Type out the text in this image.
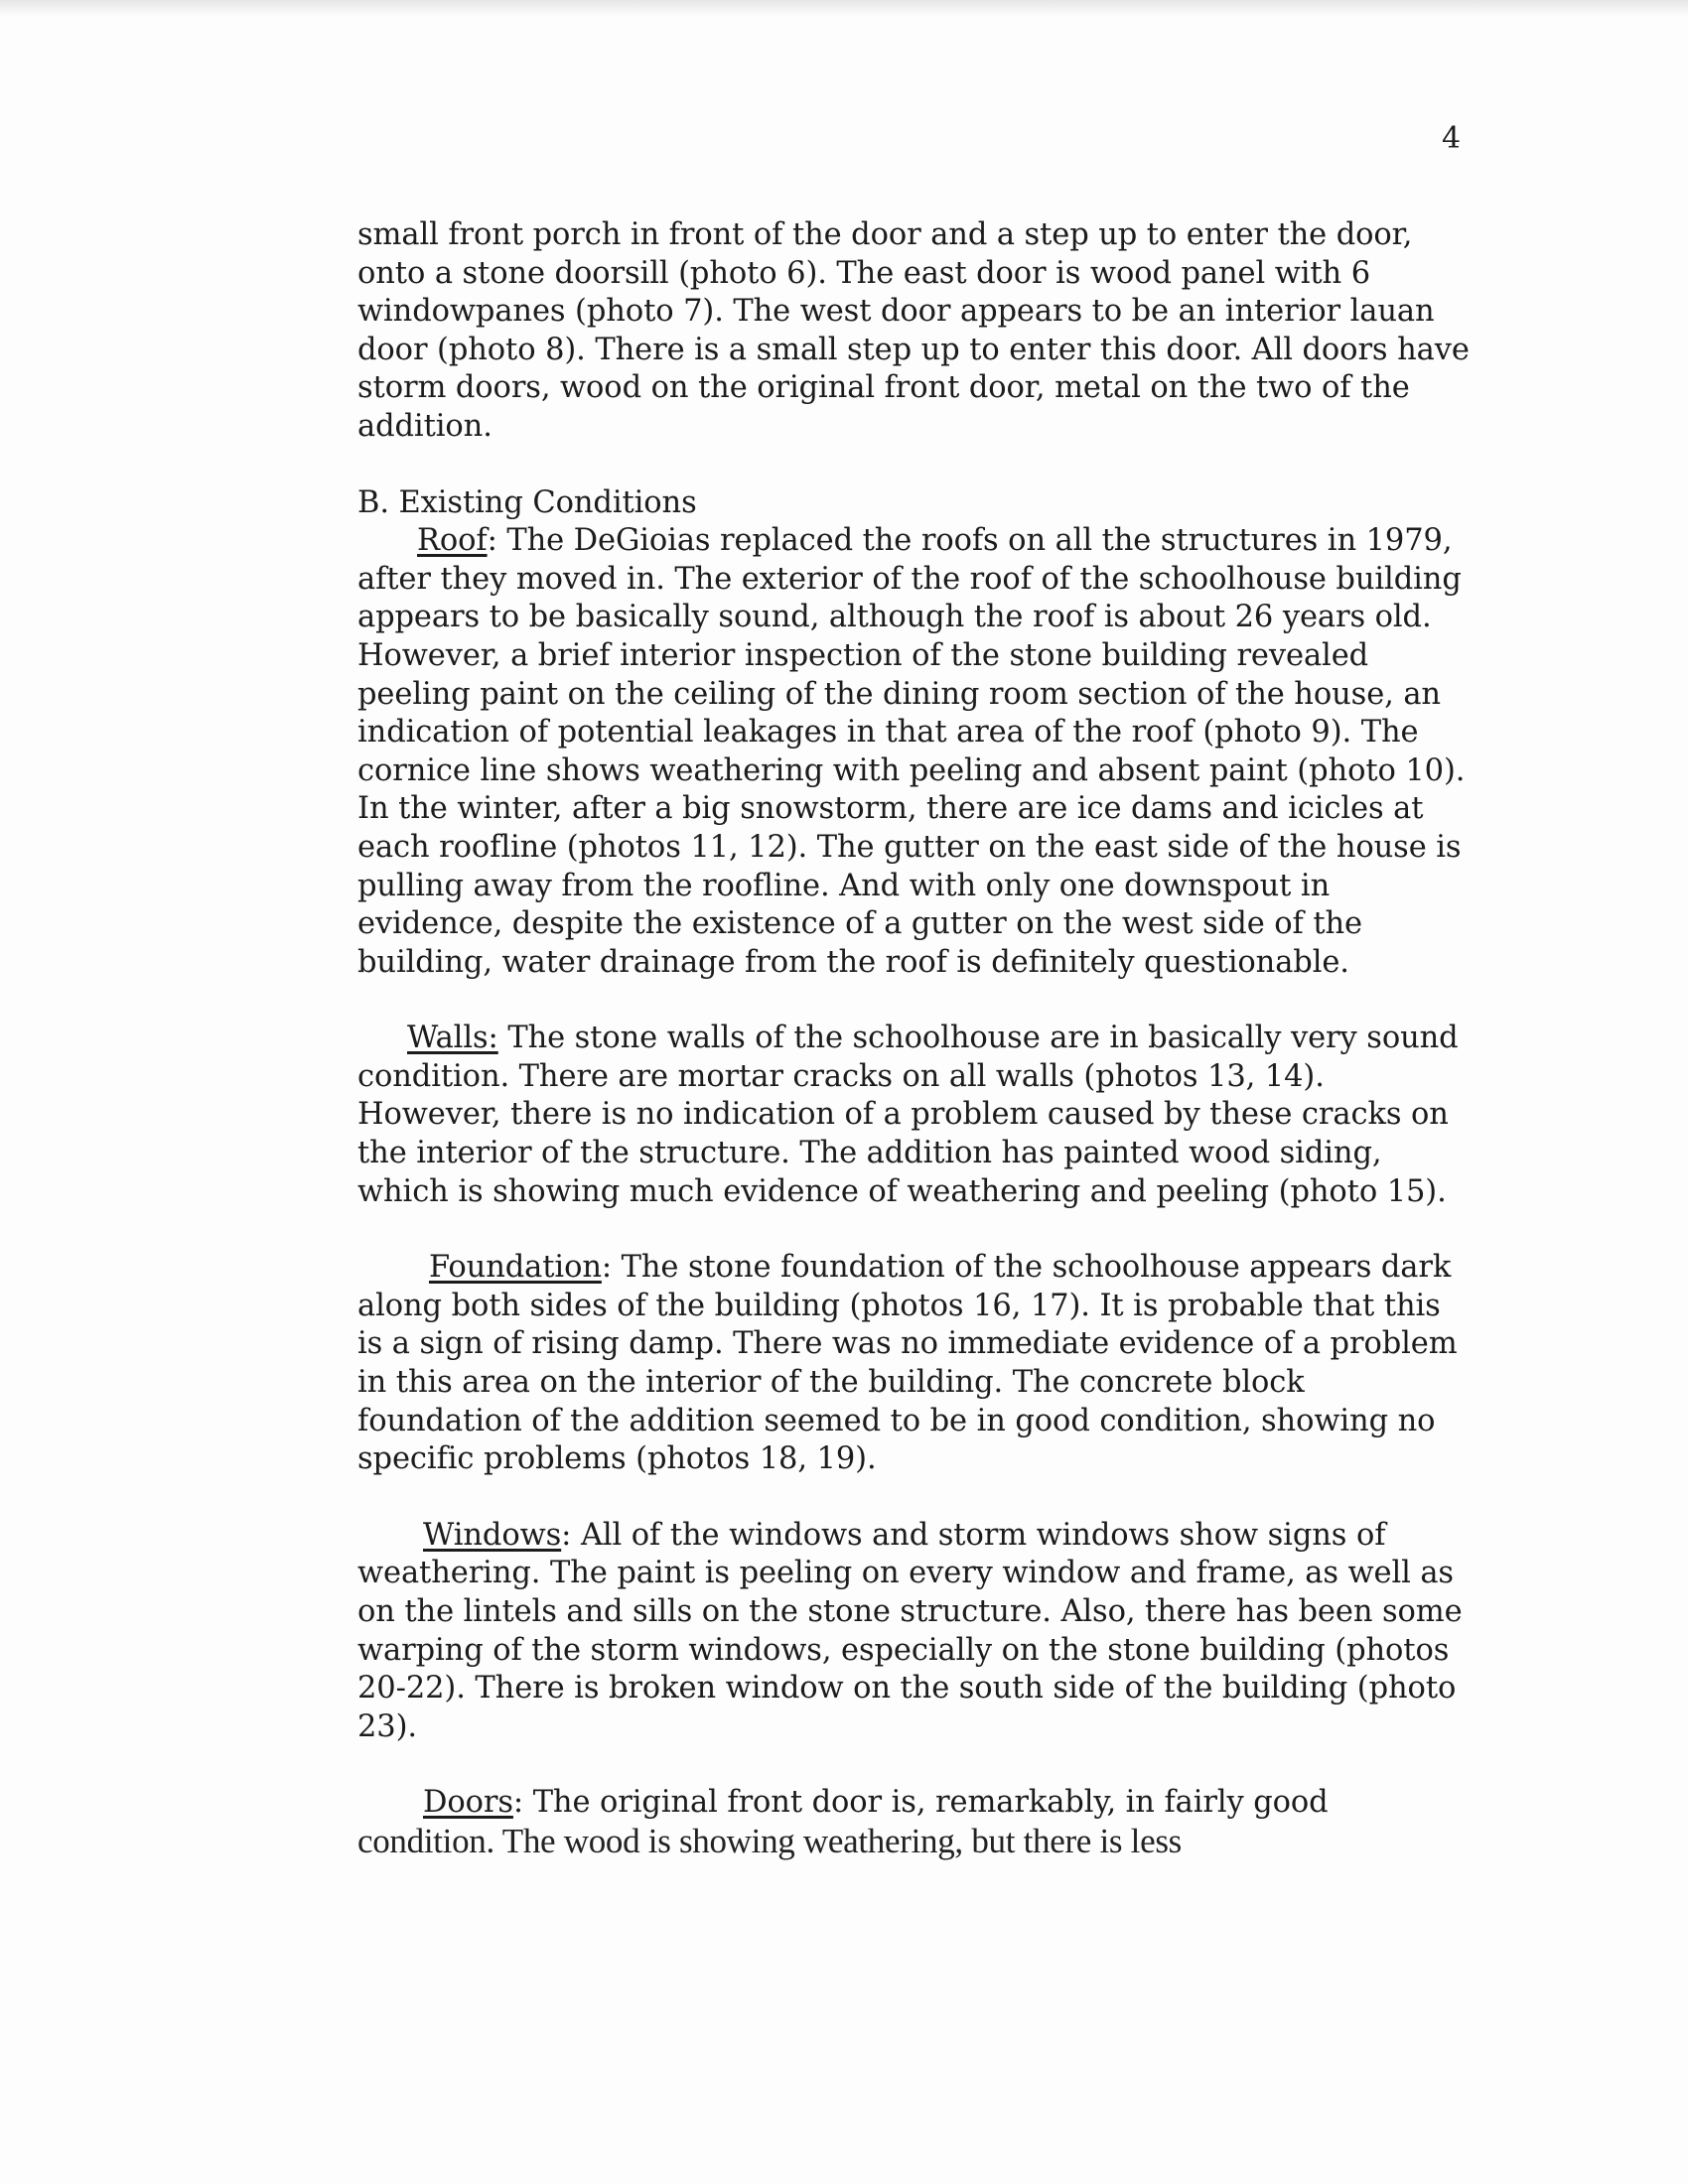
4

small front porch in front of the door and a step up to enter the door, onto a stone doorsill (photo 6). The east door is wood panel with 6 windowpanes (photo 7). The west door appears to be an interior lauan door (photo 8). There is a small step up to enter this door. All doors have storm doors, wood on the original front door, metal on the two of the addition.

B. Existing Conditions

Roof: The DeGioias replaced the roofs on all the structures in 1979, after they moved in. The exterior of the roof of the schoolhouse building appears to be basically sound, although the roof is about 26 years old. However, a brief interior inspection of the stone building revealed peeling paint on the ceiling of the dining room section of the house, an indication of potential leakages in that area of the roof (photo 9). The cornice line shows weathering with peeling and absent paint (photo 10). In the winter, after a big snowstorm, there are ice dams and icicles at each roofline (photos 11, 12). The gutter on the east side of the house is pulling away from the roofline. And with only one downspout in evidence, despite the existence of a gutter on the west side of the building, water drainage from the roof is definitely questionable.

Walls: The stone walls of the schoolhouse are in basically very sound condition. There are mortar cracks on all walls (photos 13, 14). However, there is no indication of a problem caused by these cracks on the interior of the structure. The addition has painted wood siding, which is showing much evidence of weathering and peeling (photo 15).

Foundation: The stone foundation of the schoolhouse appears dark along both sides of the building (photos 16, 17). It is probable that this is a sign of rising damp. There was no immediate evidence of a problem in this area on the interior of the building. The concrete block foundation of the addition seemed to be in good condition, showing no specific problems (photos 18, 19).

Windows: All of the windows and storm windows show signs of weathering. The paint is peeling on every window and frame, as well as on the lintels and sills on the stone structure. Also, there has been some warping of the storm windows, especially on the stone building (photos 20-22). There is broken window on the south side of the building (photo 23).

Doors: The original front door is, remarkably, in fairly good

condition. The wood is showing weathering, but there is less
